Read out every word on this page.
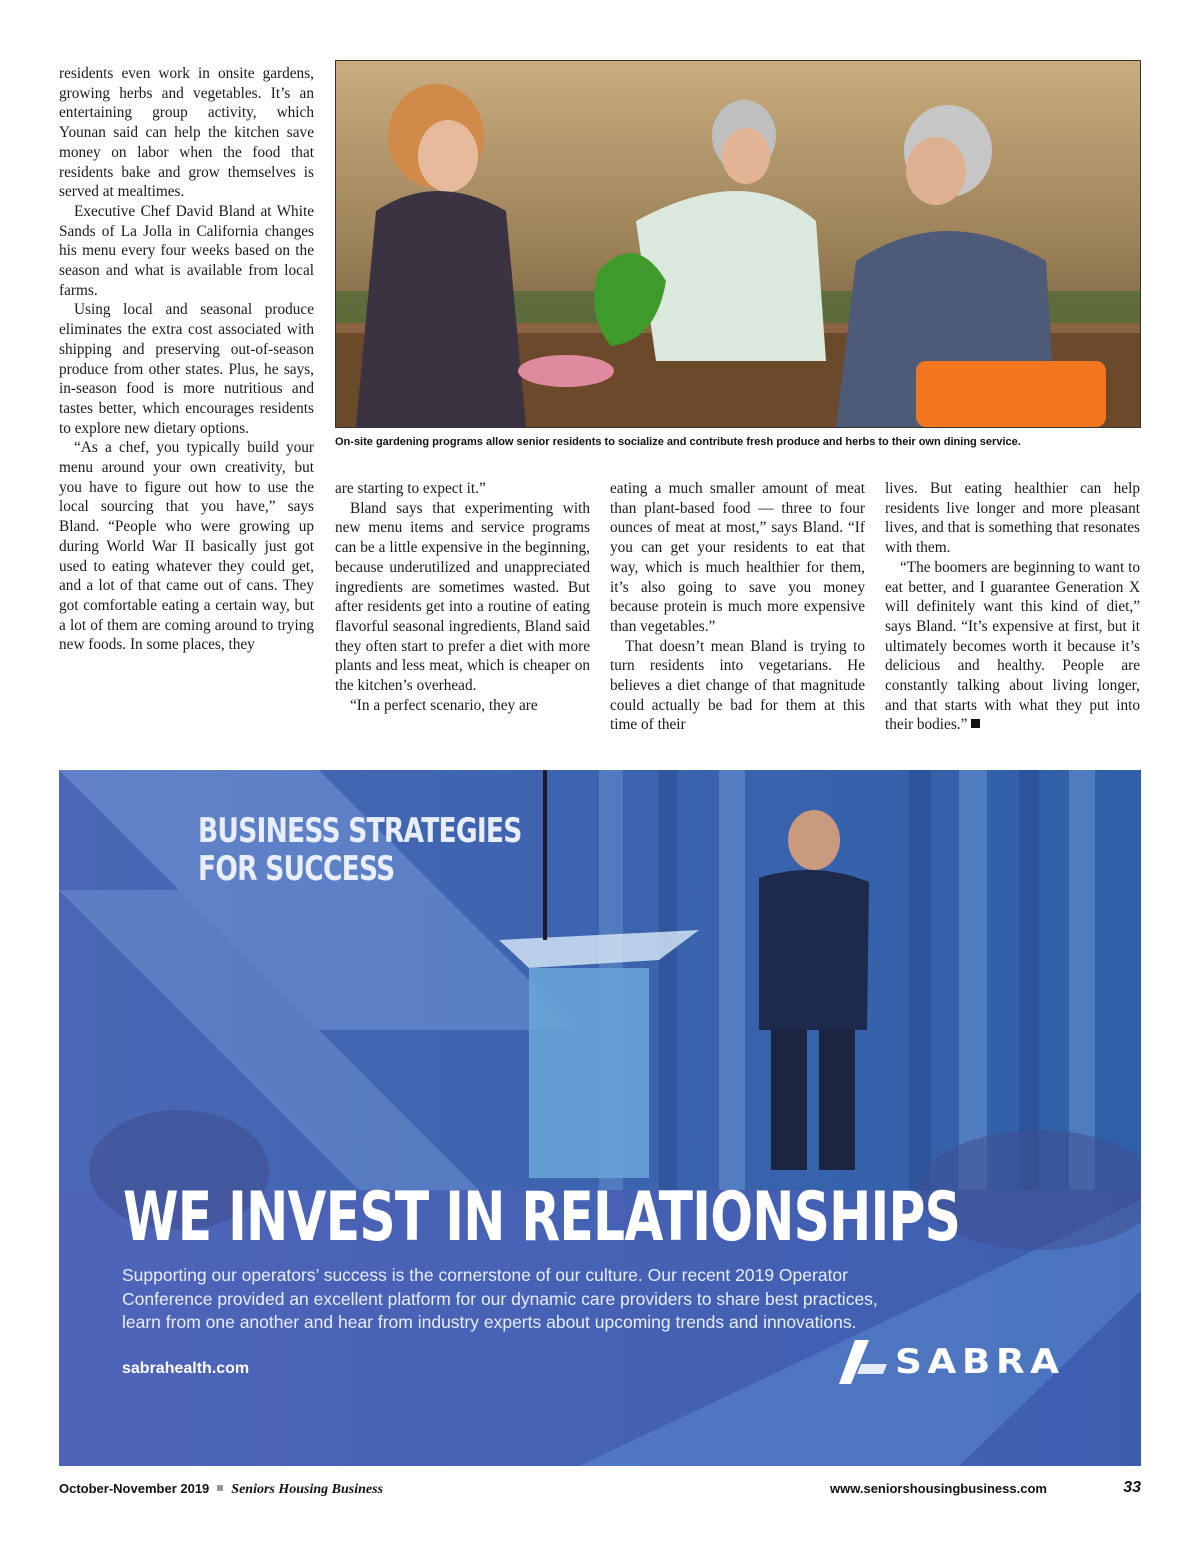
residents even work in onsite gardens, growing herbs and vegetables. It’s an entertaining group activity, which Younan said can help the kitchen save money on labor when the food that residents bake and grow themselves is served at mealtimes.

Executive Chef David Bland at White Sands of La Jolla in California changes his menu every four weeks based on the season and what is available from local farms.

Using local and seasonal produce eliminates the extra cost associated with shipping and preserving out-of-season produce from other states. Plus, he says, in-season food is more nutritious and tastes better, which encourages residents to explore new dietary options.

“As a chef, you typically build your menu around your own creativity, but you have to figure out how to use the local sourcing that you have,” says Bland. “People who were growing up during World War II basically just got used to eating whatever they could get, and a lot of that came out of cans. They got comfortable eating a certain way, but a lot of them are coming around to trying new foods. In some places, they

On-site gardening programs allow senior residents to socialize and contribute fresh produce and herbs to their own dining service.

are starting to expect it.”

Bland says that experimenting with new menu items and service programs can be a little expensive in the beginning, because underutilized and unappreciated ingredients are sometimes wasted. But after residents get into a routine of eating flavorful seasonal ingredients, Bland said they often start to prefer a diet with more plants and less meat, which is cheaper on the kitchen’s overhead.

“In a perfect scenario, they are

eating a much smaller amount of meat than plant-based food — three to four ounces of meat at most,” says Bland. “If you can get your residents to eat that way, which is much healthier for them, it’s also going to save you money because protein is much more expensive than vegetables.”

That doesn’t mean Bland is trying to turn residents into vegetarians. He believes a diet change of that magnitude could actually be bad for them at this time of their

lives. But eating healthier can help residents live longer and more pleasant lives, and that is something that resonates with them.

“The boomers are beginning to want to eat better, and I guarantee Generation X will definitely want this kind of diet,” says Bland. “It’s expensive at first, but it ultimately becomes worth it because it’s delicious and healthy. People are constantly talking about living longer, and that starts with what they put into their bodies.”

BUSINESS STRATEGIES
FOR SUCCESS
WE INVEST IN RELATIONSHIPS
Supporting our operators’ success is the cornerstone of our culture. Our recent 2019 Operator Conference provided an excellent platform for our dynamic care providers to share best practices, learn from one another and hear from industry experts about upcoming trends and innovations.
sabrahealth.com	SABRA
October-November 2019 Seniors Housing Business	www.seniorshousingbusiness.com	33
